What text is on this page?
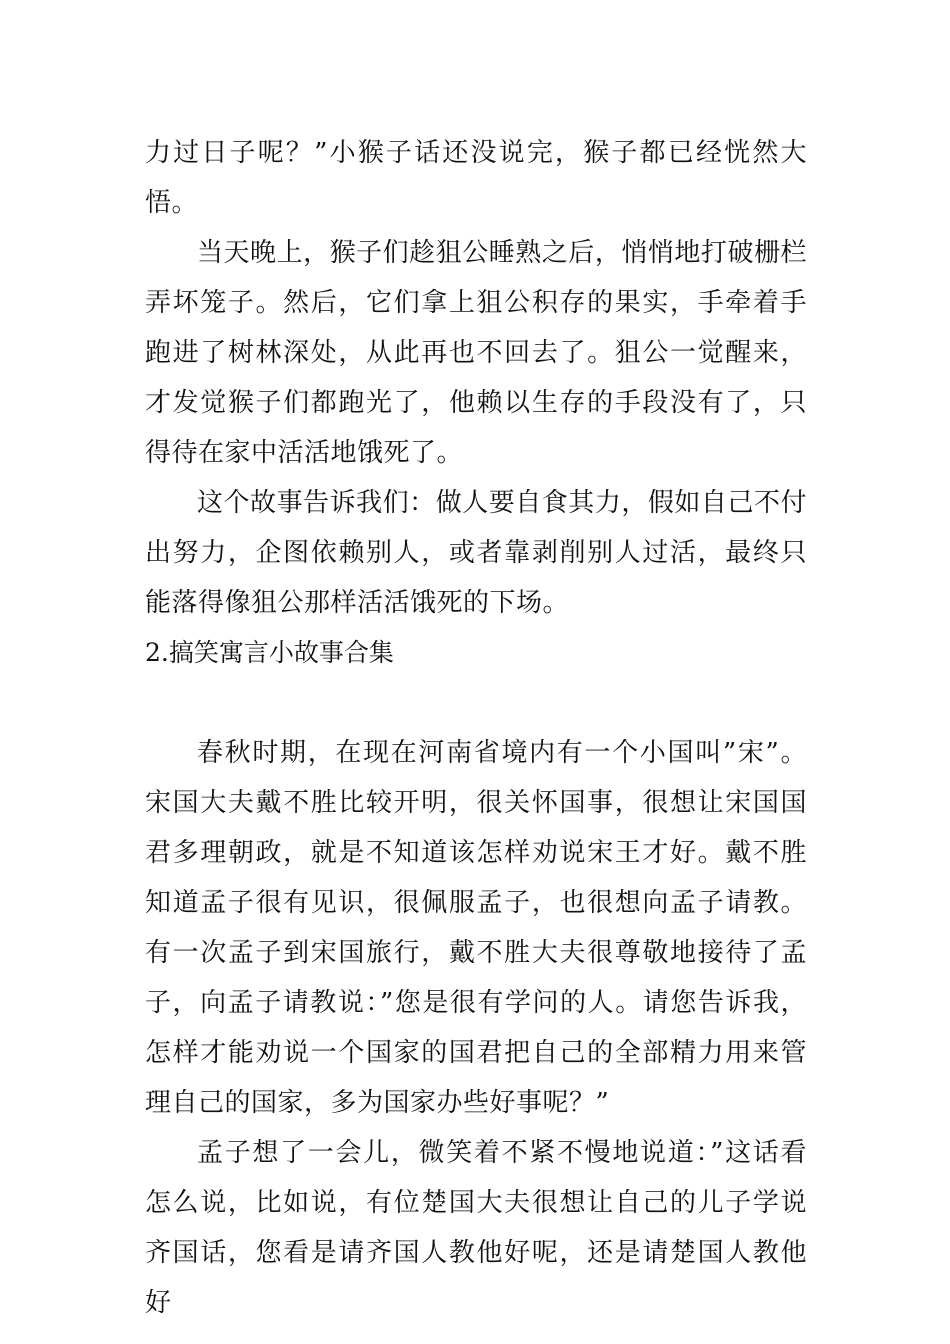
力过日子呢？”小猴子话还没说完，猴子都已经恍然大悟。

当天晚上，猴子们趁狙公睡熟之后，悄悄地打破栅栏弄坏笼子。然后，它们拿上狙公积存的果实，手牵着手跑进了树林深处，从此再也不回去了。狙公一觉醒来，才发觉猴子们都跑光了，他赖以生存的手段没有了，只得待在家中活活地饿死了。

这个故事告诉我们：做人要自食其力，假如自己不付出努力，企图依赖别人，或者靠剥削别人过活，最终只能落得像狙公那样活活饿死的下场。

2.搞笑寓言小故事合集

春秋时期，在现在河南省境内有一个小国叫”宋”。宋国大夫戴不胜比较开明，很关怀国事，很想让宋国国君多理朝政，就是不知道该怎样劝说宋王才好。戴不胜知道孟子很有见识，很佩服孟子，也很想向孟子请教。有一次孟子到宋国旅行，戴不胜大夫很尊敬地接待了孟子，向孟子请教说：”您是很有学问的人。请您告诉我，怎样才能劝说一个国家的国君把自己的全部精力用来管理自己的国家，多为国家办些好事呢？”

孟子想了一会儿，微笑着不紧不慢地说道：”这话看怎么说，比如说，有位楚国大夫很想让自己的儿子学说齐国话，您看是请齐国人教他好呢，还是请楚国人教他好
